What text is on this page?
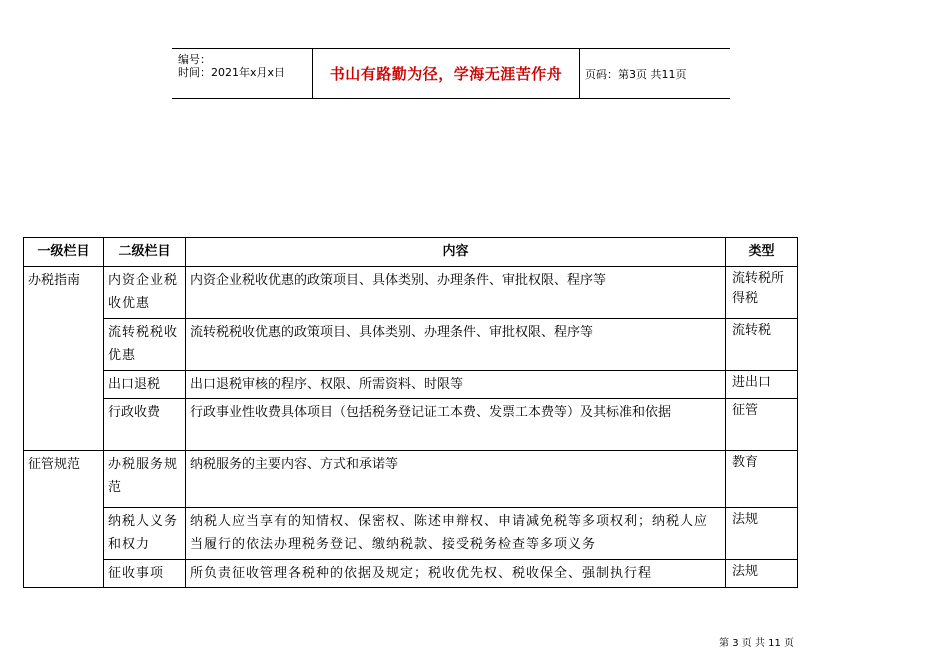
编号：
时间：2021年x月x日	书山有路勤为径，学海无涯苦作舟 页码：第3页 共11页
一级栏目	二级栏目	内容	类型
办税指南	内资企业税收优惠	内资企业税收优惠的政策项目、具体类别、办理条件、审批权限、程序等	流转税所得税
	流转税税收优惠	流转税税收优惠的政策项目、具体类别、办理条件、审批权限、程序等	流转税
	出口退税	出口退税审核的程序、权限、所需资料、时限等	进出口
	行政收费	行政事业性收费具体项目（包括税务登记证工本费、发票工本费等）及其标准和依据	征管
征管规范	办税服务规范	纳税服务的主要内容、方式和承诺等	教育
	纳税人义务和权力	纳税人应当享有的知情权、保密权、陈述申辩权、申请减免税等多项权利；纳税人应当履行的依法办理税务登记、缴纳税款、接受税务检查等多项义务	法规
	征收事项	所负责征收管理各税种的依据及规定；税收优先权、税收保全、强制执行程	法规
第 3 页 共 11 页
